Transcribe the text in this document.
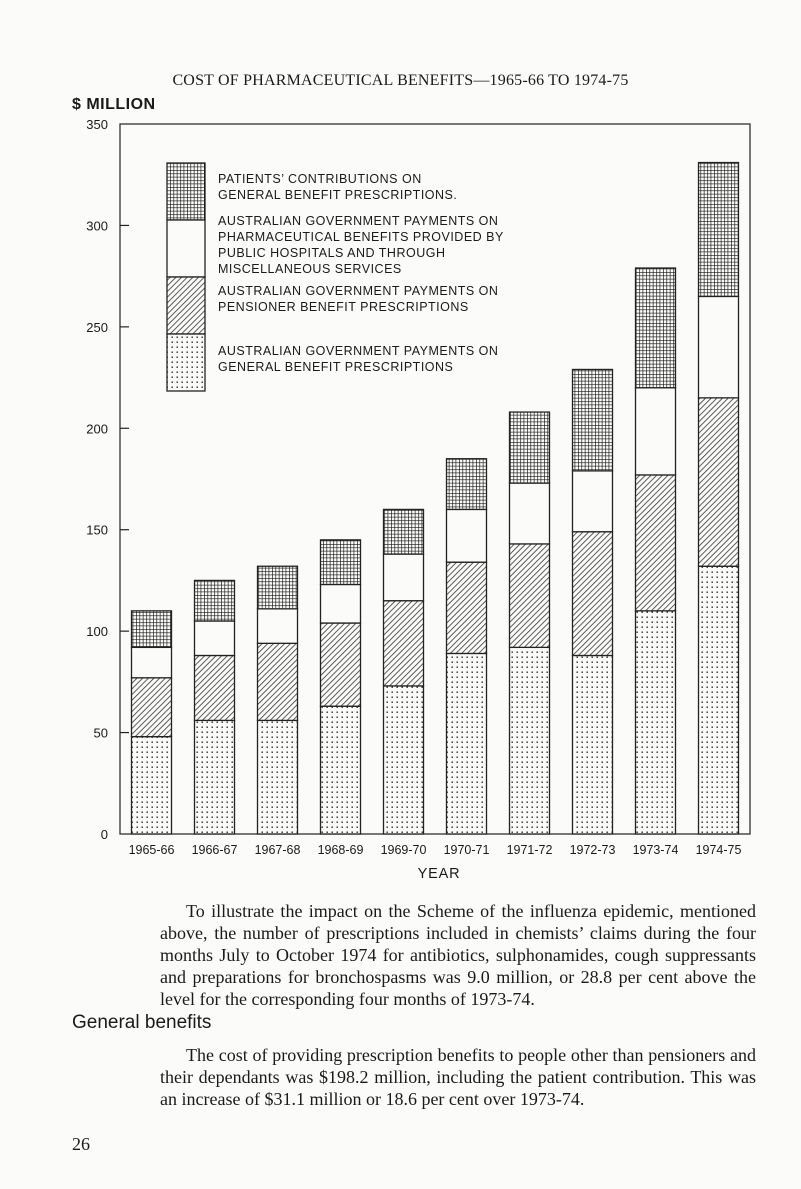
COST OF PHARMACEUTICAL BENEFITS—1965-66 TO 1974-75
$ MILLION
0
50
100
150
200
250
300
350
1965-66 1966-67 1967-68 1968-69 1969-70 1970-71 1971-72 1972-73 1973-74 1974-75
YEAR
PATIENTS’ CONTRIBUTIONS ON GENERAL BENEFIT PRESCRIPTIONS.
AUSTRALIAN GOVERNMENT PAYMENTS ON PHARMACEUTICAL BENEFITS PROVIDED BY PUBLIC HOSPITALS AND THROUGH MISCELLANEOUS SERVICES
AUSTRALIAN GOVERNMENT PAYMENTS ON PENSIONER BENEFIT PRESCRIPTIONS
AUSTRALIAN GOVERNMENT PAYMENTS ON GENERAL BENEFIT PRESCRIPTIONS

To illustrate the impact on the Scheme of the influenza epidemic, mentioned above, the number of prescriptions included in chemists’ claims during the four months July to October 1974 for antibiotics, sulphonamides, cough suppressants and preparations for bronchospasms was 9.0 million, or 28.8 per cent above the level for the corresponding four months of 1973-74.

General benefits

The cost of providing prescription benefits to people other than pensioners and their dependants was $198.2 million, including the patient contribution. This was an increase of $31.1 million or 18.6 per cent over 1973-74.

26
